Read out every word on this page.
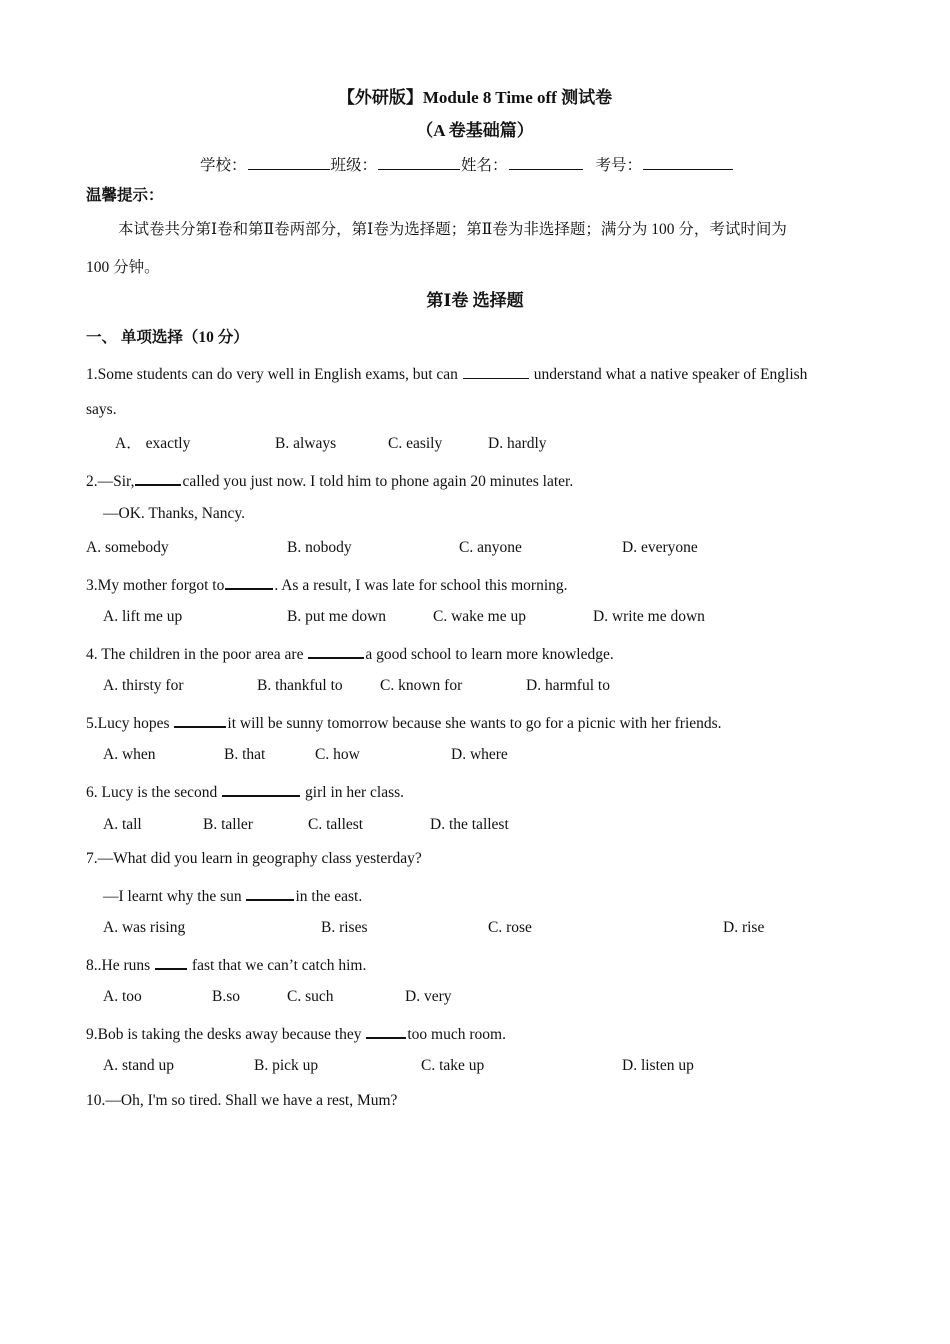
【外研版】Module 8 Time off 测试卷
（A 卷基础篇）
学校：	班级：	姓名：	考号：
温馨提示：
本试卷共分第Ⅰ卷和第Ⅱ卷两部分，第Ⅰ卷为选择题；第Ⅱ卷为非选择题；满分为 100 分，考试时间为
100 分钟。
第Ⅰ卷 选择题
一、 单项选择（10 分）
1.Some students can do very well in English exams, but can	understand what a native speaker of English
says.
A． exactly	B. always	C. easily	D. hardly
2.—Sir,	called you just now. I told him to phone again 20 minutes later.
—OK. Thanks, Nancy.
A. somebody	B. nobody	C. anyone	D. everyone
3.My mother forgot to	. As a result, I was late for school this morning.
A. lift me up	B. put me down	C. wake me up	D. write me down
4. The children in the poor area are	a good school to learn more knowledge.
A. thirsty for	B. thankful to C. known for	D. harmful to
5.Lucy hopes	it will be sunny tomorrow because she wants to go for a picnic with her friends.
A. when	B. that	C. how	D. where
6. Lucy is the second	girl in her class.
A. tall	B. taller	C. tallest	D. the tallest
7.—What did you learn in geography class yesterday?
—I learnt why the sun	in the east.
A. was rising	B. rises	C. rose	D. rise
8..He runs  fast that we can’t catch him.
A. too	B.so	C. such	D. very
9.Bob is taking the desks away because they	too much room.
A. stand up	B. pick up	C. take up	D. listen up
10.—Oh, I'm so tired. Shall we have a rest, Mum?
